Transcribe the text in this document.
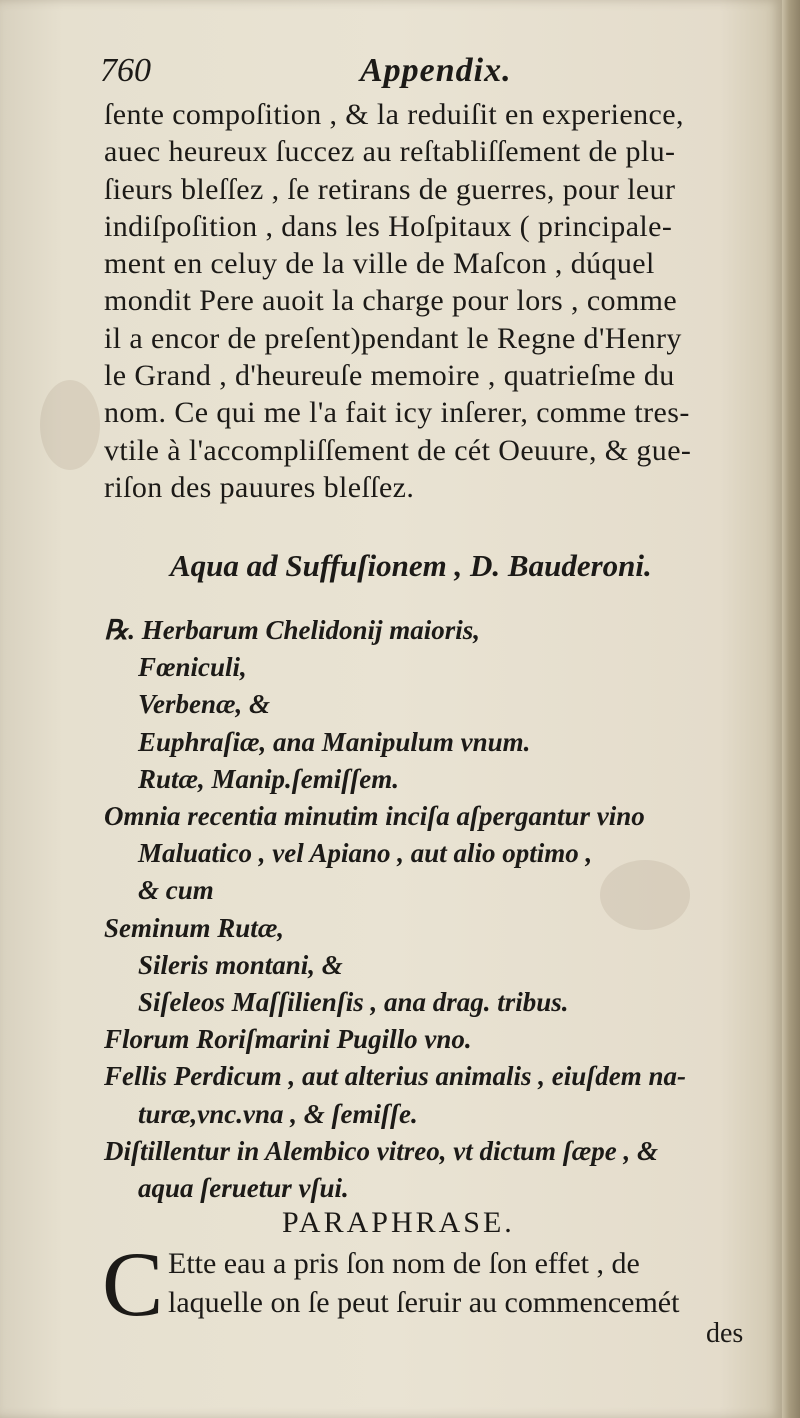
760	Appendix.
ſente compoſition , & la reduiſit en experience,
auec heureux ſuccez au reſtabliſſement de plu-
ſieurs bleſſez , ſe retirans de guerres, pour leur
indiſpoſition , dans les Hoſpitaux ( principale-
ment en celuy de la ville de Maſcon , dúquel
mondit Pere auoit la charge pour lors , comme
il a encor de preſent)pendant le Regne d'Henry
le Grand , d'heureuſe memoire , quatrieſme du
nom. Ce qui me l'a fait icy inſerer, comme tres-
vtile à l'accompliſſement de cét Oeuure, & gue-
riſon des pauures bleſſez.
Aqua ad Suffuſionem , D. Bauderoni.
℞. Herbarum Chelidonij maioris,
Fœniculi,
Verbenæ, &
Euphraſiæ, ana Manipulum vnum.
Rutæ, Manip.ſemiſſem.
Omnia recentia minutim inciſa aſpergantur vino
Maluatico , vel Apiano , aut alio optimo ,
& cum
Seminum Rutæ,
Sileris montani, &
Siſeleos Maſſilienſis , ana drag. tribus.
Florum Roriſmarini Pugillo vno.
Fellis Perdicum , aut alterius animalis , eiuſdem na-
turæ,vnc.vna , & ſemiſſe.
Diſtillentur in Alembico vitreo, vt dictum ſæpe , &
aqua ſeruetur vſui.
PARAPHRASE.
C Ette eau a pris ſon nom de ſon effet , de
laquelle on ſe peut ſeruir au commencemét
des
